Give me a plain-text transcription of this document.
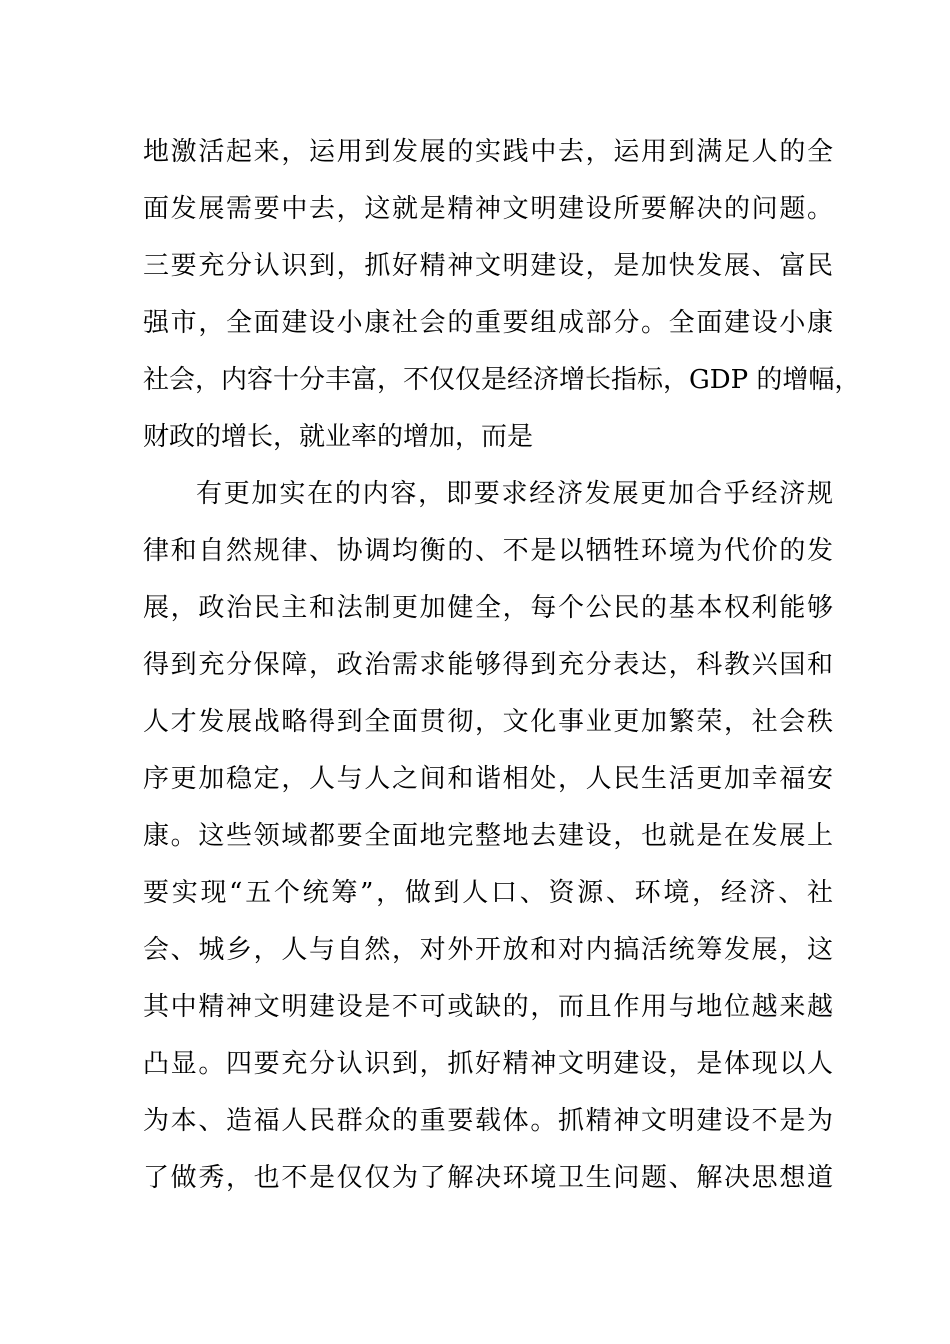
地激活起来，运用到发展的实践中去，运用到满足人的全
面发展需要中去，这就是精神文明建设所要解决的问题。
三要充分认识到，抓好精神文明建设，是加快发展、富民
强市，全面建设小康社会的重要组成部分。全面建设小康
社会，内容十分丰富，不仅仅是经济增长指标，GDP 的增幅，
财政的增长，就业率的增加，而是
有更加实在的内容，即要求经济发展更加合乎经济规
律和自然规律、协调均衡的、不是以牺牲环境为代价的发
展，政治民主和法制更加健全，每个公民的基本权利能够
得到充分保障，政治需求能够得到充分表达，科教兴国和
人才发展战略得到全面贯彻，文化事业更加繁荣，社会秩
序更加稳定，人与人之间和谐相处，人民生活更加幸福安
康。这些领域都要全面地完整地去建设，也就是在发展上
要实现“五个统筹”，做到人口、资源、环境，经济、社
会、城乡，人与自然，对外开放和对内搞活统筹发展，这
其中精神文明建设是不可或缺的，而且作用与地位越来越
凸显。四要充分认识到，抓好精神文明建设，是体现以人
为本、造福人民群众的重要载体。抓精神文明建设不是为
了做秀，也不是仅仅为了解决环境卫生问题、解决思想道
